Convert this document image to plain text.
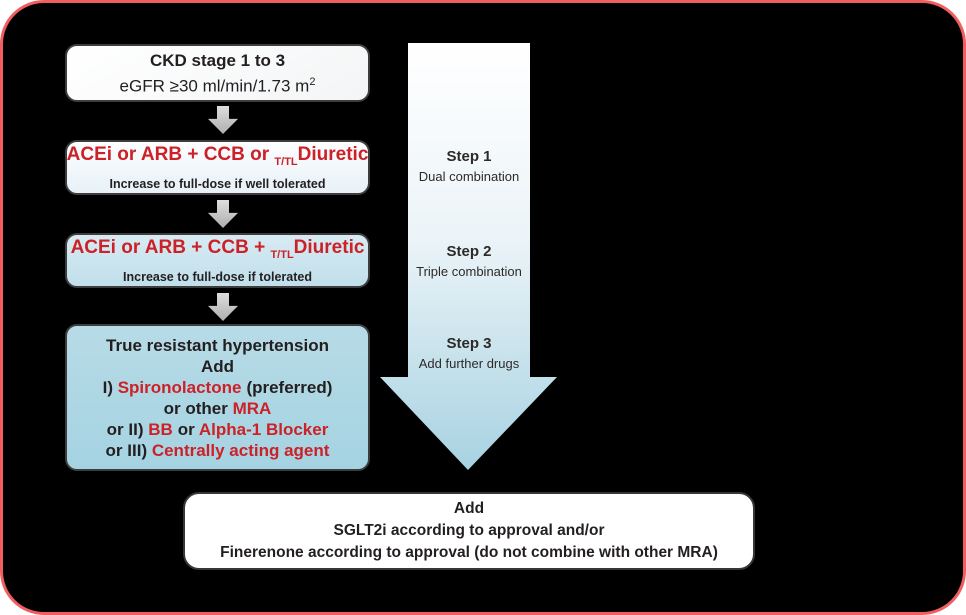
CKD stage 1 to 3
eGFR ≥30 ml/min/1.73 $m^2$
ACEi or ARB + CCB or $_{T/TL}$Diuretic
Increase to full-dose if well tolerated
ACEi or ARB + CCB + $_{T/TL}$Diuretic
Increase to full-dose if tolerated
True resistant hypertension
Add
I) Spironolactone (preferred)
or other MRA
or II) BB or Alpha-1 Blocker
or III) Centrally acting agent
Step 1
Dual combination
Step 2
Triple combination
Step 3
Add further drugs
Add
SGLT2i according to approval and/or
Finerenone according to approval (do not combine with other MRA)
